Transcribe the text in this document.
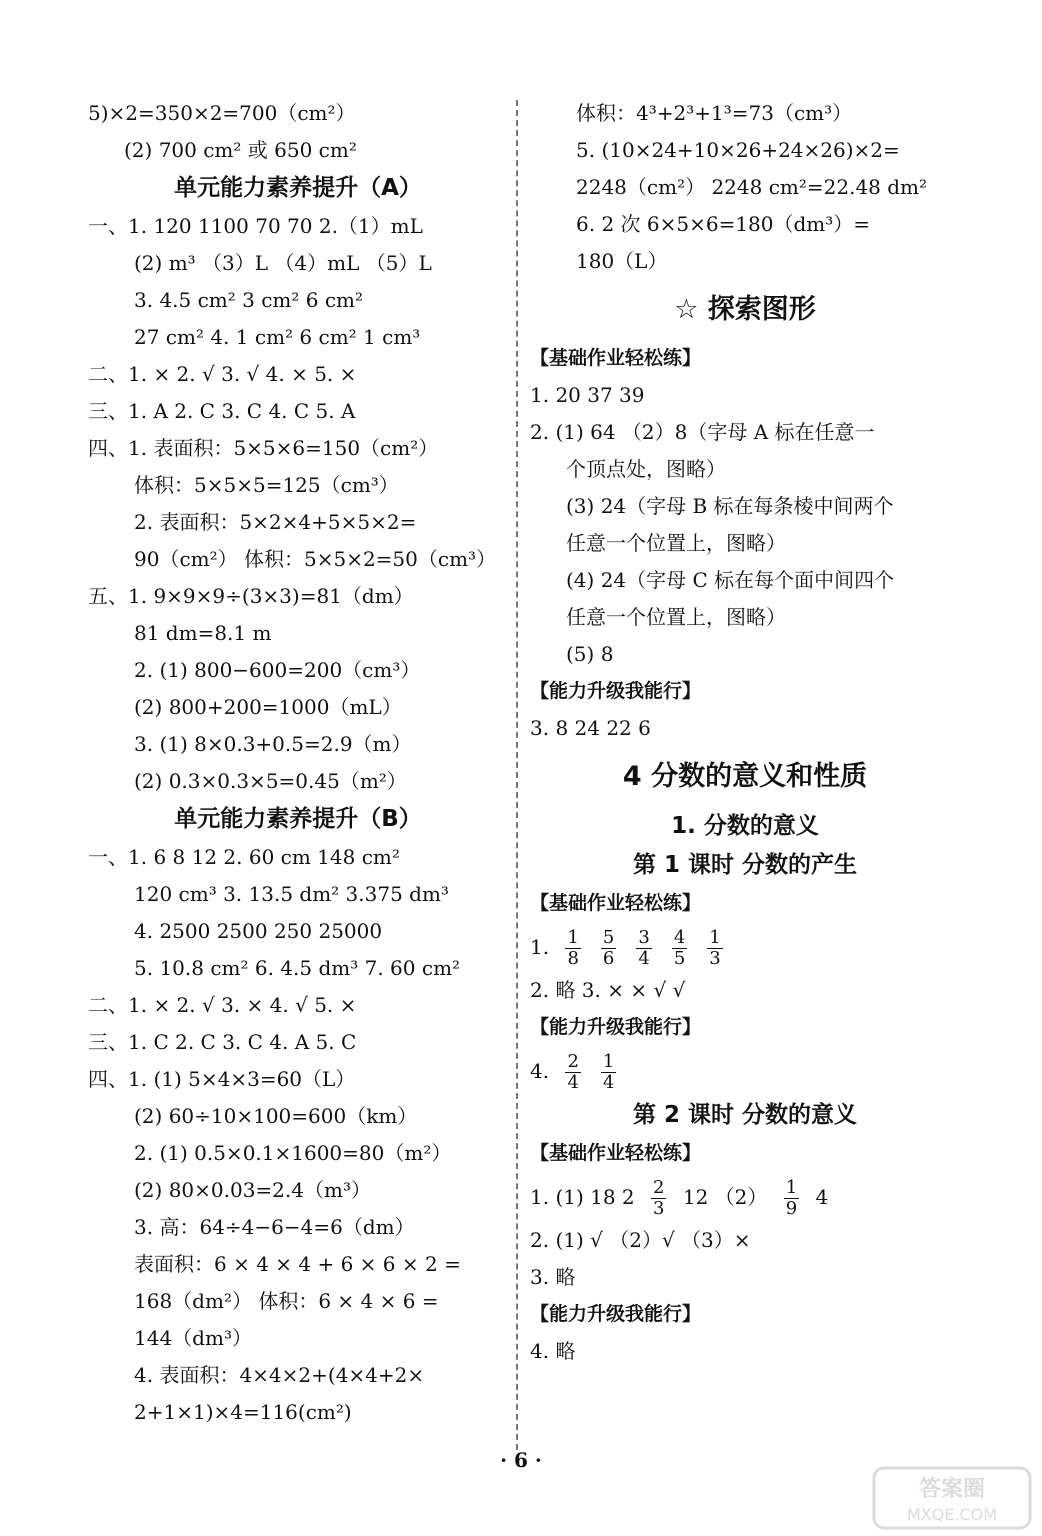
5)×2=350×2=700（cm²）
(2) 700 cm² 或 650 cm²
单元能力素养提升（A）
一、1. 120 1100 70 70 2.（1）mL
(2) m³ （3）L （4）mL （5）L
3. 4.5 cm² 3 cm² 6 cm²
27 cm² 4. 1 cm² 6 cm² 1 cm³
二、1. × 2. √ 3. √ 4. × 5. ×
三、1. A 2. C 3. C 4. C 5. A
四、1. 表面积：5×5×6=150（cm²）
体积：5×5×5=125（cm³）
2. 表面积：5×2×4+5×5×2=
90（cm²） 体积：5×5×2=50（cm³）
五、1. 9×9×9÷(3×3)=81（dm）
81 dm=8.1 m
2. (1) 800−600=200（cm³）
(2) 800+200=1000（mL）
3. (1) 8×0.3+0.5=2.9（m）
(2) 0.3×0.3×5=0.45（m²）
单元能力素养提升（B）
一、1. 6 8 12 2. 60 cm 148 cm²
120 cm³ 3. 13.5 dm² 3.375 dm³
4. 2500 2500 250 25000
5. 10.8 cm² 6. 4.5 dm³ 7. 60 cm²
二、1. × 2. √ 3. × 4. √ 5. ×
三、1. C 2. C 3. C 4. A 5. C
四、1. (1) 5×4×3=60（L）
(2) 60÷10×100=600（km）
2. (1) 0.5×0.1×1600=80（m²）
(2) 80×0.03=2.4（m³）
3. 高：64÷4−6−4=6（dm）
表面积：6 × 4 × 4 + 6 × 6 × 2 =
168（dm²） 体积：6 × 4 × 6 =
144（dm³）
4. 表面积：4×4×2+(4×4+2×
2+1×1)×4=116(cm²)
体积：4³+2³+1³=73（cm³）
5. (10×24+10×26+24×26)×2=
2248（cm²） 2248 cm²=22.48 dm²
6. 2 次 6×5×6=180（dm³）=
180（L）
☆ 探索图形
【基础作业轻松练】
1. 20 37 39
2. (1) 64 （2）8（字母 A 标在任意一
个顶点处，图略）
(3) 24（字母 B 标在每条棱中间两个
任意一个位置上，图略）
(4) 24（字母 C 标在每个面中间四个
任意一个位置上，图略）
(5) 8
【能力升级我能行】
3. 8 24 22 6
4 分数的意义和性质
1. 分数的意义
第 1 课时 分数的产生
【基础作业轻松练】
1. $\frac{1}{8} \frac{5}{6} \frac{3}{4} \frac{4}{5} \frac{1}{3}$
2. 略 3. × × √ √
【能力升级我能行】
4. $\frac{2}{4} \frac{1}{4}$
第 2 课时 分数的意义
【基础作业轻松练】
1. (1) 18 $2 \frac{2}{3} 12$ $(2) \frac{1}{9} 4$
2. (1) √ （2）√ （3）×
3. 略
【能力升级我能行】
4. 略
· 6 ·
答案圈
MXQE.COM
